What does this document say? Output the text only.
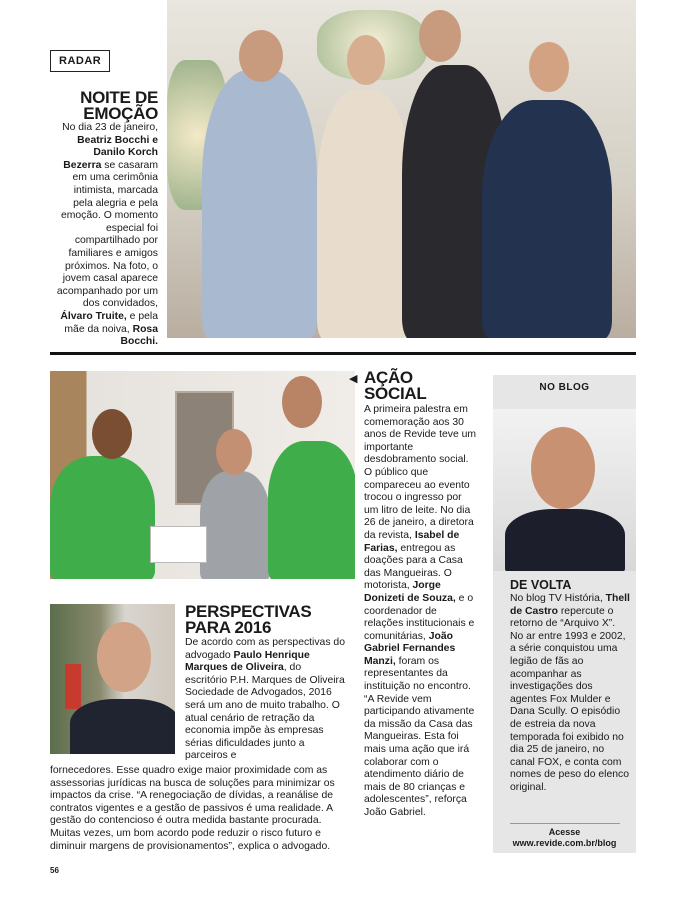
RADAR
NOITE DE
EMOÇÃO
No dia 23 de janeiro, Beatriz Bocchi e Danilo Korch Bezerra se casaram em uma cerimônia intimista, marcada pela alegria e pela emoção. O momento especial foi compartilhado por familiares e amigos próximos. Na foto, o jovem casal aparece acompanhado por um dos convidados, Álvaro Truite, e pela mãe da noiva, Rosa Bocchi.
◀ AÇÃO
SOCIAL
A primeira palestra em comemoração aos 30 anos de Revide teve um importante desdobramento social. O público que compareceu ao evento trocou o ingresso por um litro de leite. No dia 26 de janeiro, a diretora da revista, Isabel de Farias, entregou as doações para a Casa das Mangueiras. O motorista, Jorge Donizeti de Souza, e o coordenador de relações institucionais e comunitárias, João Gabriel Fernandes Manzi, foram os representantes da instituição no encontro. “A Revide vem participando ativamente da missão da Casa das Mangueiras. Esta foi mais uma ação que irá colaborar com o atendimento diário de mais de 80 crianças e adolescentes”, reforça João Gabriel.
PERSPECTIVAS
PARA 2016
De acordo com as perspectivas do advogado Paulo Henrique Marques de Oliveira, do escritório P.H. Marques de Oliveira Sociedade de Advogados, 2016 será um ano de muito trabalho. O atual cenário de retração da economia impõe às empresas sérias dificuldades junto a parceiros e
fornecedores. Esse quadro exige maior proximidade com as assessorias jurídicas na busca de soluções para minimizar os impactos da crise. “A renegociação de dívidas, a reanálise de contratos vigentes e a gestão de passivos é uma realidade. A gestão do contencioso é outra medida bastante procurada. Muitas vezes, um bom acordo pode reduzir o risco futuro e diminuir margens de provisionamentos”, explica o advogado.
NO BLOG
DE VOLTA
No blog TV História, Thell de Castro repercute o retorno de “Arquivo X”. No ar entre 1993 e 2002, a série conquistou uma legião de fãs ao acompanhar as investigações dos agentes Fox Mulder e Dana Scully. O episódio de estreia da nova temporada foi exibido no dia 25 de janeiro, no canal FOX, e conta com nomes de peso do elenco original.
Acesse
www.revide.com.br/blog
56
